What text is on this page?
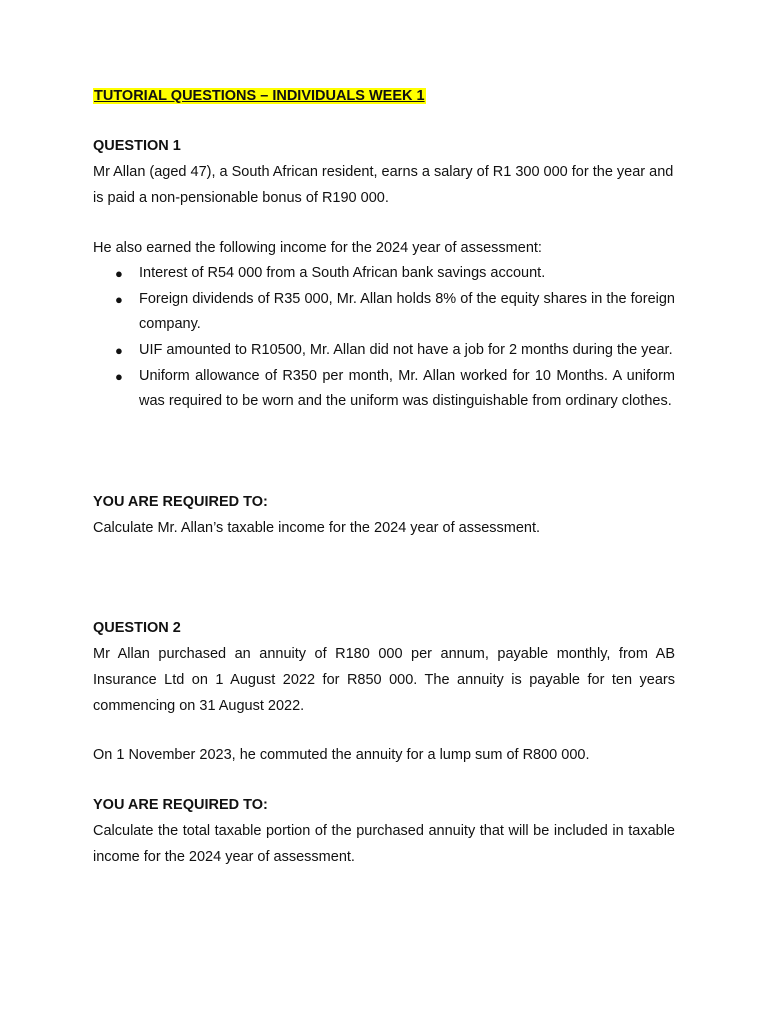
TUTORIAL QUESTIONS – INDIVIDUALS WEEK 1

QUESTION 1

Mr Allan (aged 47), a South African resident, earns a salary of R1 300 000 for the year and is paid a non-pensionable bonus of R190 000.

He also earned the following income for the 2024 year of assessment:

● Interest of R54 000 from a South African bank savings account.
● Foreign dividends of R35 000, Mr. Allan holds 8% of the equity shares in the foreign company.
● UIF amounted to R10500, Mr. Allan did not have a job for 2 months during the year.
● Uniform allowance of R350 per month, Mr. Allan worked for 10 Months. A uniform was required to be worn and the uniform was distinguishable from ordinary clothes.

YOU ARE REQUIRED TO:

Calculate Mr. Allan’s taxable income for the 2024 year of assessment.

QUESTION 2

Mr Allan purchased an annuity of R180 000 per annum, payable monthly, from AB Insurance Ltd on 1 August 2022 for R850 000. The annuity is payable for ten years commencing on 31 August 2022.

On 1 November 2023, he commuted the annuity for a lump sum of R800 000.

YOU ARE REQUIRED TO:

Calculate the total taxable portion of the purchased annuity that will be included in taxable income for the 2024 year of assessment.
